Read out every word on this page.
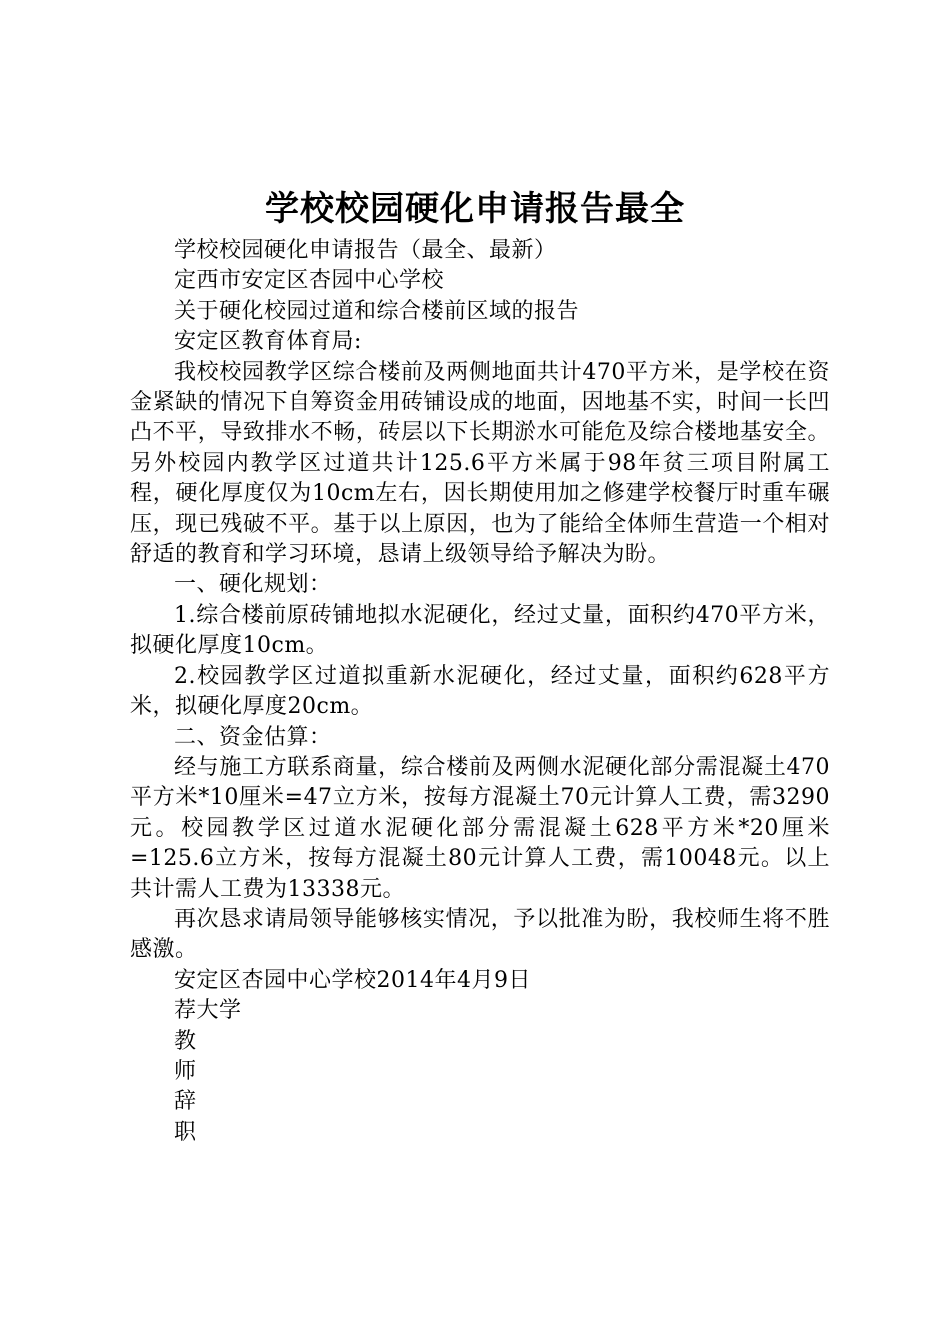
学校校园硬化申请报告最全

学校校园硬化申请报告（最全、最新）

定西市安定区杏园中心学校

关于硬化校园过道和综合楼前区域的报告

安定区教育体育局:

我校校园教学区综合楼前及两侧地面共计470平方米，是学校在资金紧缺的情况下自筹资金用砖铺设成的地面，因地基不实，时间一长凹凸不平，导致排水不畅，砖层以下长期淤水可能危及综合楼地基安全。另外校园内教学区过道共计125.6平方米属于98年贫三项目附属工程，硬化厚度仅为10cm左右，因长期使用加之修建学校餐厅时重车碾压，现已残破不平。基于以上原因，也为了能给全体师生营造一个相对舒适的教育和学习环境，恳请上级领导给予解决为盼。

一、硬化规划：

1.综合楼前原砖铺地拟水泥硬化，经过丈量，面积约470平方米，拟硬化厚度10cm。

2.校园教学区过道拟重新水泥硬化，经过丈量，面积约628平方米，拟硬化厚度20cm。

二、资金估算：

经与施工方联系商量，综合楼前及两侧水泥硬化部分需混凝土470平方米*10厘米=47立方米，按每方混凝土70元计算人工费，需3290元。校园教学区过道水泥硬化部分需混凝土628平方米*20厘米=125.6立方米，按每方混凝土80元计算人工费，需10048元。以上共计需人工费为13338元。

再次恳求请局领导能够核实情况，予以批准为盼，我校师生将不胜感激。

安定区杏园中心学校2014年4月9日

荐大学

教

师

辞

职
